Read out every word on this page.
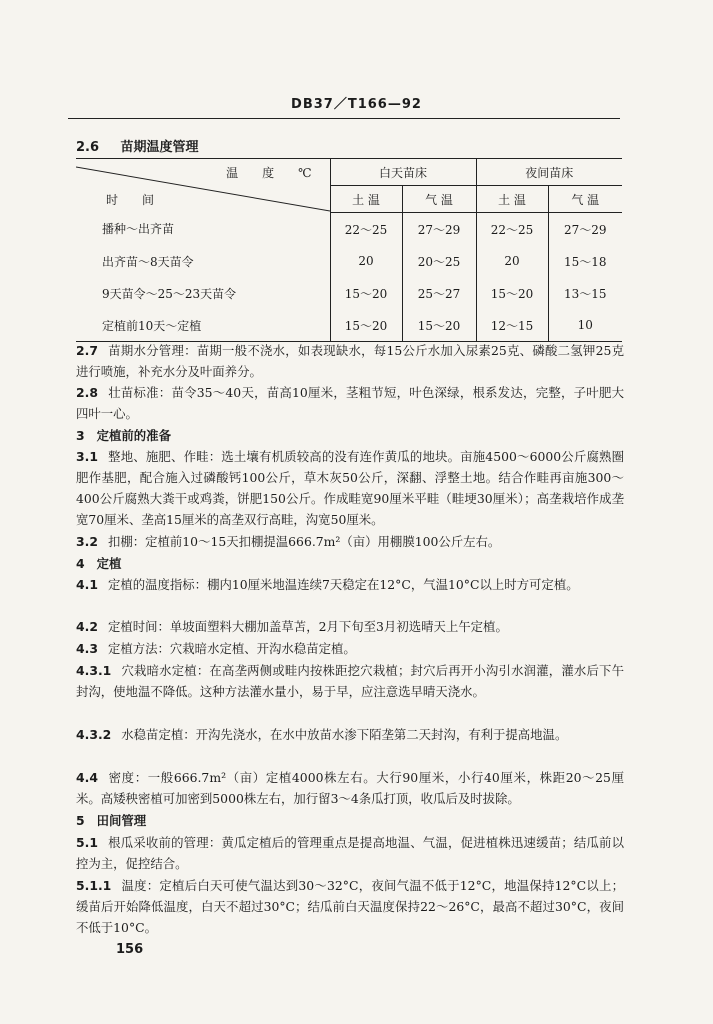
DB37／T166—92
2.6 苗期温度管理
温　度　℃
时　间	白天苗床		夜间苗床	
	土 温	气 温	土 温	气 温
播种～出齐苗	22～25	27～29	22～25	27～29
出齐苗～8天苗令	20	20～25	20	15～18
9天苗令～25～23天苗令	15～20	25～27	15～20	13～15
定植前10天～定植	15～20	15～20	12～15	10
2.7 苗期水分管理：苗期一般不浇水，如表现缺水，每15公斤水加入尿素25克、磷酸二氢钾25克进行喷施，补充水分及叶面养分。
2.8 壮苗标准：苗令35～40天，苗高10厘米，茎粗节短，叶色深绿，根系发达，完整，子叶肥大四叶一心。
3 定植前的准备
3.1 整地、施肥、作畦：选土壤有机质较高的没有连作黄瓜的地块。亩施4500～6000公斤腐熟圈肥作基肥，配合施入过磷酸钙100公斤，草木灰50公斤，深翻、浮整土地。结合作畦再亩施300～400公斤腐熟大粪干或鸡粪，饼肥150公斤。作成畦宽90厘米平畦（畦埂30厘米）；高垄栽培作成垄宽70厘米、垄高15厘米的高垄双行高畦，沟宽50厘米。
3.2 扣棚：定植前10～15天扣棚提温666.7m²（亩）用棚膜100公斤左右。
4 定植
4.1 定植的温度指标：棚内10厘米地温连续7天稳定在12°C，气温10°C以上时方可定植。
4.2 定植时间：单坡面塑料大棚加盖草苫，2月下旬至3月初选晴天上午定植。
4.3 定植方法：穴栽暗水定植、开沟水稳苗定植。
4.3.1 穴栽暗水定植：在高垄两侧或畦内按株距挖穴栽植；封穴后再开小沟引水润灌，灌水后下午封沟，使地温不降低。这种方法灌水量小，易于早，应注意选早晴天浇水。
4.3.2 水稳苗定植：开沟先浇水，在水中放苗水渗下陌垄第二天封沟，有利于提高地温。
4.4 密度：一般666.7m²（亩）定植4000株左右。大行90厘米，小行40厘米，株距20～25厘米。高矮秧密植可加密到5000株左右，加行留3～4条瓜打顶，收瓜后及时拔除。
5 田间管理
5.1 根瓜采收前的管理：黄瓜定植后的管理重点是提高地温、气温，促进植株迅速缓苗；结瓜前以控为主，促控结合。
5.1.1 温度：定植后白天可使气温达到30～32°C，夜间气温不低于12°C，地温保持12°C以上；缓苗后开始降低温度，白天不超过30°C；结瓜前白天温度保持22～26°C，最高不超过30°C，夜间不低于10°C。
156
